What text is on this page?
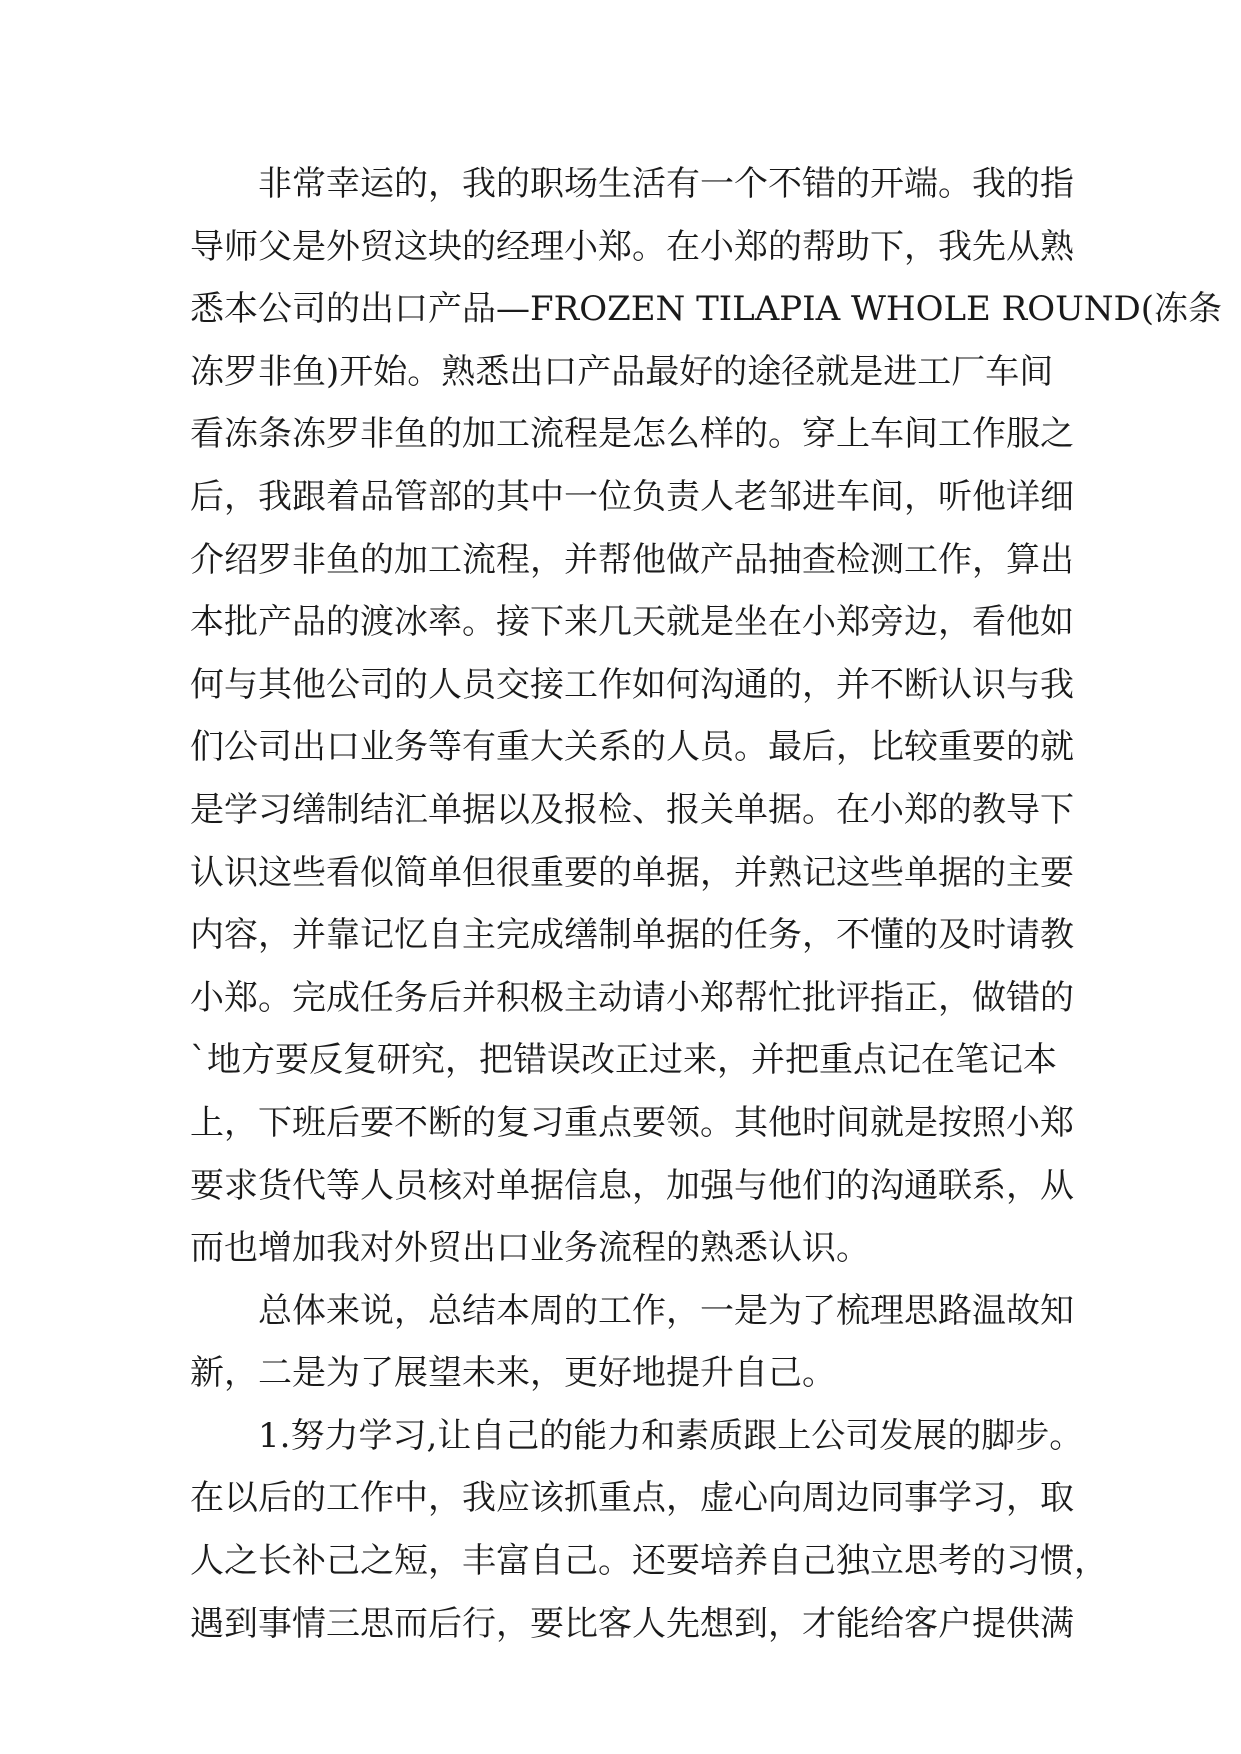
非常幸运的，我的职场生活有一个不错的开端。我的指
导师父是外贸这块的经理小郑。在小郑的帮助下，我先从熟
悉本公司的出口产品—FROZEN TILAPIA WHOLE ROUND(冻条
冻罗非鱼)开始。熟悉出口产品最好的途径就是进工厂车间
看冻条冻罗非鱼的加工流程是怎么样的。穿上车间工作服之
后，我跟着品管部的其中一位负责人老邹进车间，听他详细
介绍罗非鱼的加工流程，并帮他做产品抽查检测工作，算出
本批产品的渡冰率。接下来几天就是坐在小郑旁边，看他如
何与其他公司的人员交接工作如何沟通的，并不断认识与我
们公司出口业务等有重大关系的人员。最后，比较重要的就
是学习缮制结汇单据以及报检、报关单据。在小郑的教导下
认识这些看似简单但很重要的单据，并熟记这些单据的主要
内容，并靠记忆自主完成缮制单据的任务，不懂的及时请教
小郑。完成任务后并积极主动请小郑帮忙批评指正，做错的
`地方要反复研究，把错误改正过来，并把重点记在笔记本
上，下班后要不断的复习重点要领。其他时间就是按照小郑
要求货代等人员核对单据信息，加强与他们的沟通联系，从
而也增加我对外贸出口业务流程的熟悉认识。
总体来说，总结本周的工作，一是为了梳理思路温故知
新，二是为了展望未来，更好地提升自己。
1.努力学习,让自己的能力和素质跟上公司发展的脚步。
在以后的工作中，我应该抓重点，虚心向周边同事学习，取
人之长补己之短，丰富自己。还要培养自己独立思考的习惯，
遇到事情三思而后行，要比客人先想到，才能给客户提供满
